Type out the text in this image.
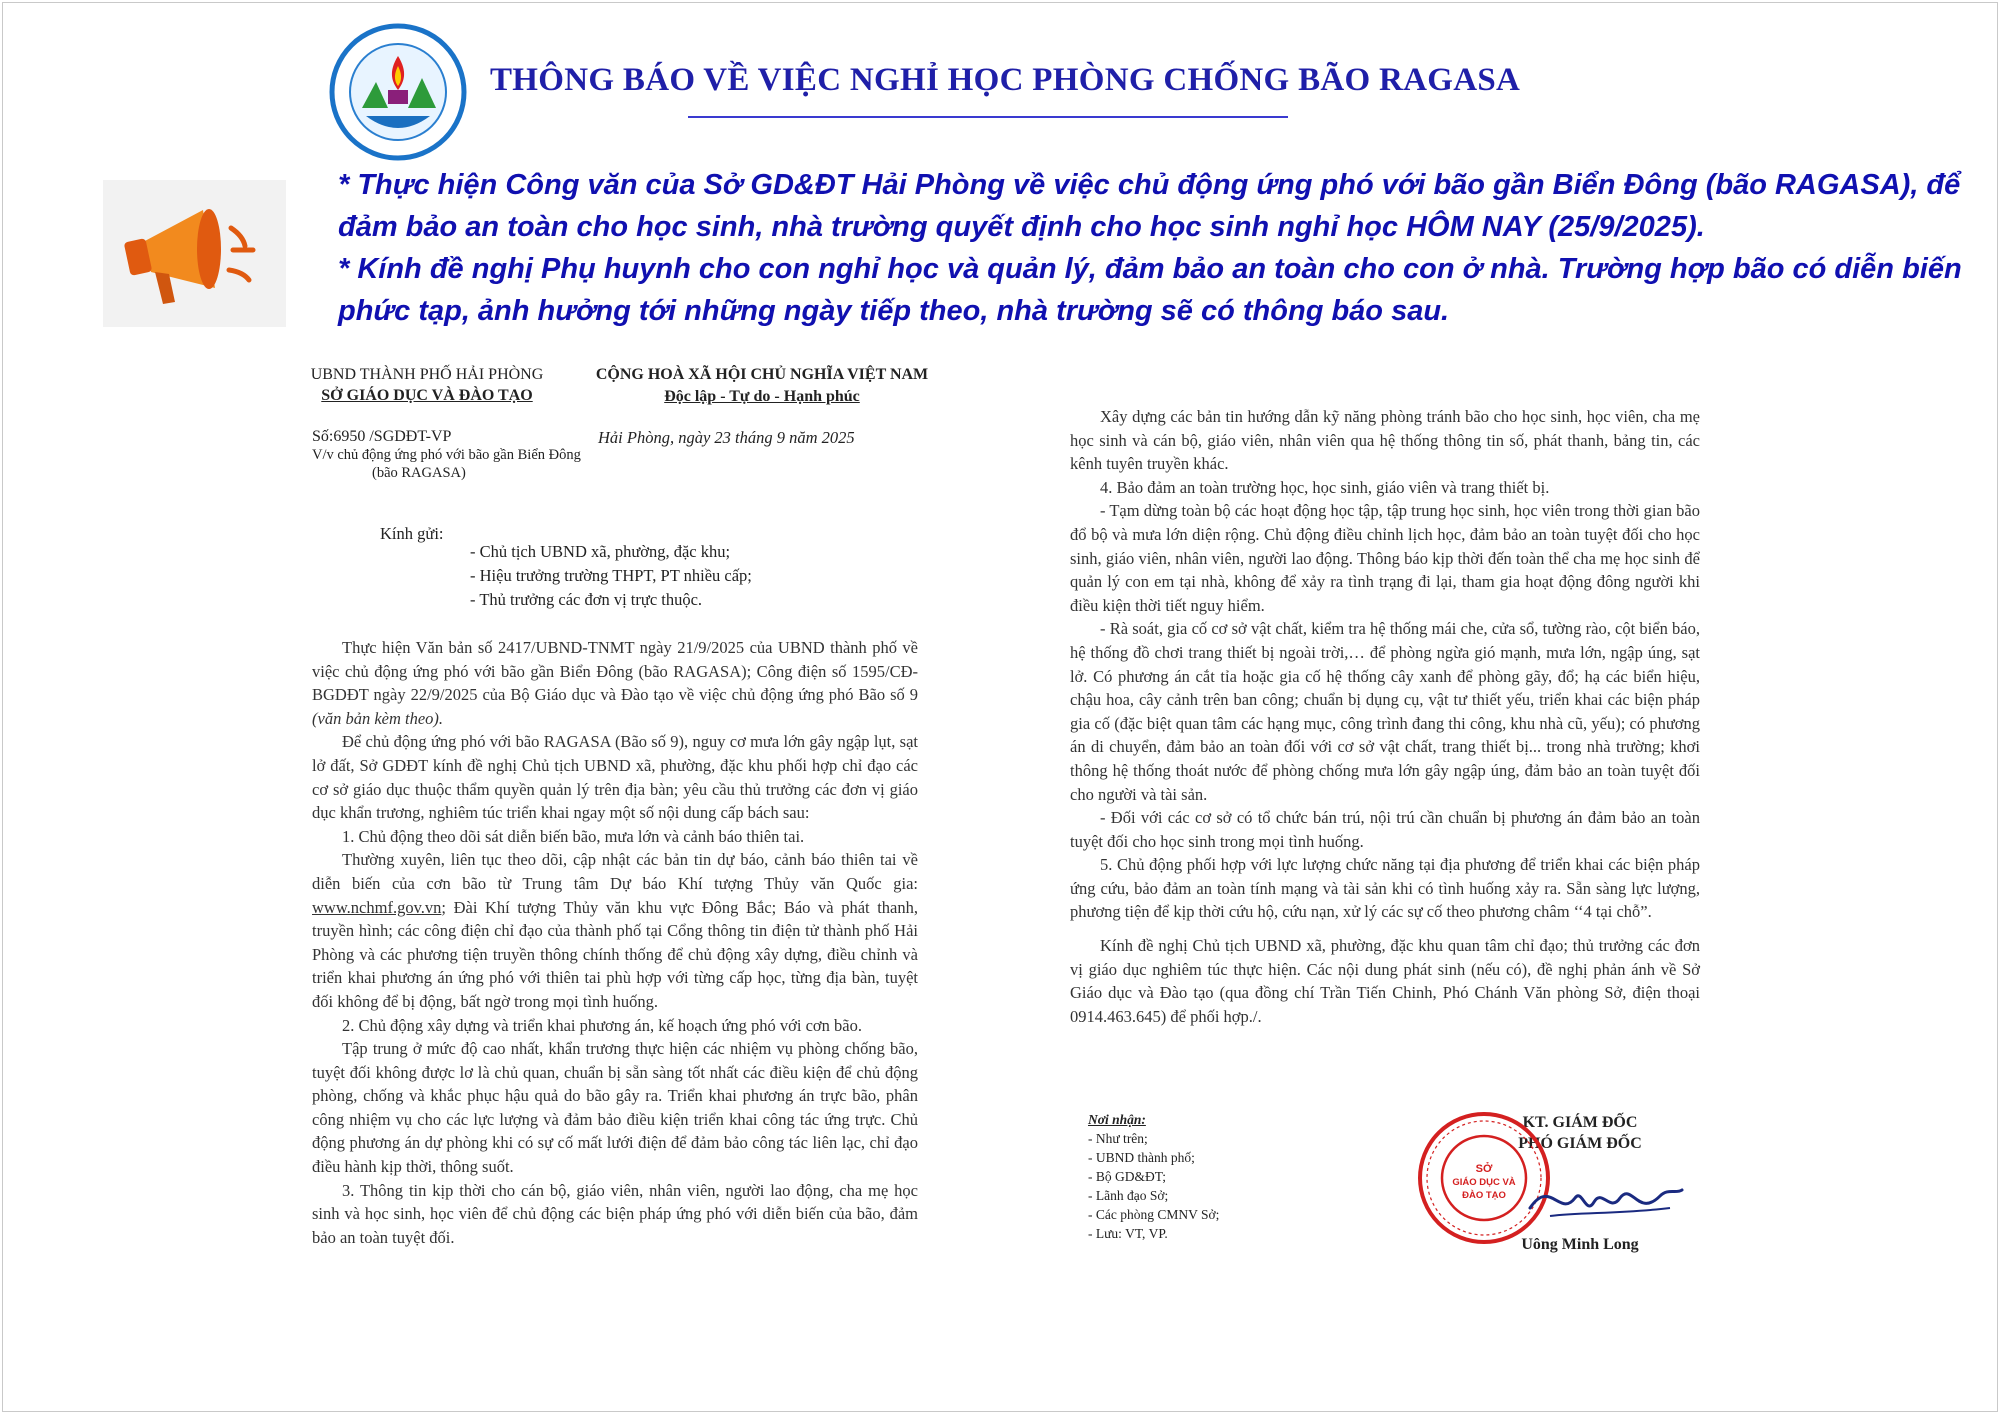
THÔNG BÁO VỀ VIỆC NGHỈ HỌC PHÒNG CHỐNG BÃO RAGASA
* Thực hiện Công văn của Sở GD&ĐT Hải Phòng về việc chủ động ứng phó với bão gần Biển Đông (bão RAGASA), để đảm bảo an toàn cho học sinh, nhà trường quyết định cho học sinh nghỉ học HÔM NAY (25/9/2025).
* Kính đề nghị Phụ huynh cho con nghỉ học và quản lý, đảm bảo an toàn cho con ở nhà. Trường hợp bão có diễn biến phức tạp, ảnh hưởng tới những ngày tiếp theo, nhà trường sẽ có thông báo sau.
UBND THÀNH PHỐ HẢI PHÒNG
SỞ GIÁO DỤC VÀ ĐÀO TẠO
CỘNG HOÀ XÃ HỘI CHỦ NGHĨA VIỆT NAM
Độc lập - Tự do - Hạnh phúc
Số:6950 /SGDĐT-VP
V/v chủ động ứng phó với bão gần Biển Đông
(bão RAGASA)
Hải Phòng, ngày 23 tháng 9 năm 2025
Kính gửi:
- Chủ tịch UBND xã, phường, đặc khu;
- Hiệu trưởng trường THPT, PT nhiều cấp;
- Thủ trưởng các đơn vị trực thuộc.

Thực hiện Văn bản số 2417/UBND-TNMT ngày 21/9/2025 của UBND thành phố về việc chủ động ứng phó với bão gần Biển Đông (bão RAGASA); Công điện số 1595/CĐ-BGDĐT ngày 22/9/2025 của Bộ Giáo dục và Đào tạo về việc chủ động ứng phó Bão số 9 (văn bản kèm theo).

Để chủ động ứng phó với bão RAGASA (Bão số 9), nguy cơ mưa lớn gây ngập lụt, sạt lở đất, Sở GDĐT kính đề nghị Chủ tịch UBND xã, phường, đặc khu phối hợp chỉ đạo các cơ sở giáo dục thuộc thẩm quyền quản lý trên địa bàn; yêu cầu thủ trưởng các đơn vị giáo dục khẩn trương, nghiêm túc triển khai ngay một số nội dung cấp bách sau:

1. Chủ động theo dõi sát diễn biến bão, mưa lớn và cảnh báo thiên tai.

Thường xuyên, liên tục theo dõi, cập nhật các bản tin dự báo, cảnh báo thiên tai về diễn biến của cơn bão từ Trung tâm Dự báo Khí tượng Thủy văn Quốc gia: www.nchmf.gov.vn; Đài Khí tượng Thủy văn khu vực Đông Bắc; Báo và phát thanh, truyền hình; các công điện chỉ đạo của thành phố tại Cổng thông tin điện tử thành phố Hải Phòng và các phương tiện truyền thông chính thống để chủ động xây dựng, điều chỉnh và triển khai phương án ứng phó với thiên tai phù hợp với từng cấp học, từng địa bàn, tuyệt đối không để bị động, bất ngờ trong mọi tình huống.

2. Chủ động xây dựng và triển khai phương án, kế hoạch ứng phó với cơn bão.

Tập trung ở mức độ cao nhất, khẩn trương thực hiện các nhiệm vụ phòng chống bão, tuyệt đối không được lơ là chủ quan, chuẩn bị sẵn sàng tốt nhất các điều kiện để chủ động phòng, chống và khắc phục hậu quả do bão gây ra. Triển khai phương án trực bão, phân công nhiệm vụ cho các lực lượng và đảm bảo điều kiện triển khai công tác ứng trực. Chủ động phương án dự phòng khi có sự cố mất lưới điện để đảm bảo công tác liên lạc, chỉ đạo điều hành kịp thời, thông suốt.

3. Thông tin kịp thời cho cán bộ, giáo viên, nhân viên, người lao động, cha mẹ học sinh và học sinh, học viên để chủ động các biện pháp ứng phó với diễn biến của bão, đảm bảo an toàn tuyệt đối.

Xây dựng các bản tin hướng dẫn kỹ năng phòng tránh bão cho học sinh, học viên, cha mẹ học sinh và cán bộ, giáo viên, nhân viên qua hệ thống thông tin số, phát thanh, bảng tin, các kênh tuyên truyền khác.

4. Bảo đảm an toàn trường học, học sinh, giáo viên và trang thiết bị.

- Tạm dừng toàn bộ các hoạt động học tập, tập trung học sinh, học viên trong thời gian bão đổ bộ và mưa lớn diện rộng. Chủ động điều chỉnh lịch học, đảm bảo an toàn tuyệt đối cho học sinh, giáo viên, nhân viên, người lao động. Thông báo kịp thời đến toàn thể cha mẹ học sinh để quản lý con em tại nhà, không để xảy ra tình trạng đi lại, tham gia hoạt động đông người khi điều kiện thời tiết nguy hiểm.

- Rà soát, gia cố cơ sở vật chất, kiểm tra hệ thống mái che, cửa sổ, tường rào, cột biển báo, hệ thống đồ chơi trang thiết bị ngoài trời,… để phòng ngừa gió mạnh, mưa lớn, ngập úng, sạt lở. Có phương án cắt tỉa hoặc gia cố hệ thống cây xanh để phòng gãy, đổ; hạ các biển hiệu, chậu hoa, cây cảnh trên ban công; chuẩn bị dụng cụ, vật tư thiết yếu, triển khai các biện pháp gia cố (đặc biệt quan tâm các hạng mục, công trình đang thi công, khu nhà cũ, yếu); có phương án di chuyển, đảm bảo an toàn đối với cơ sở vật chất, trang thiết bị... trong nhà trường; khơi thông hệ thống thoát nước để phòng chống mưa lớn gây ngập úng, đảm bảo an toàn tuyệt đối cho người và tài sản.

- Đối với các cơ sở có tổ chức bán trú, nội trú cần chuẩn bị phương án đảm bảo an toàn tuyệt đối cho học sinh trong mọi tình huống.

5. Chủ động phối hợp với lực lượng chức năng tại địa phương để triển khai các biện pháp ứng cứu, bảo đảm an toàn tính mạng và tài sản khi có tình huống xảy ra. Sẵn sàng lực lượng, phương tiện để kịp thời cứu hộ, cứu nạn, xử lý các sự cố theo phương châm ‘‘4 tại chỗ”.

Kính đề nghị Chủ tịch UBND xã, phường, đặc khu quan tâm chỉ đạo; thủ trưởng các đơn vị giáo dục nghiêm túc thực hiện. Các nội dung phát sinh (nếu có), đề nghị phản ánh về Sở Giáo dục và Đào tạo (qua đồng chí Trần Tiến Chinh, Phó Chánh Văn phòng Sở, điện thoại 0914.463.645) để phối hợp./.

Nơi nhận:
- Như trên;
- UBND thành phố;
- Bộ GD&ĐT;
- Lãnh đạo Sở;
- Các phòng CMNV Sở;
- Lưu: VT, VP.
KT. GIÁM ĐỐC
PHÓ GIÁM ĐỐC
SỞ
GIÁO DỤC VÀ
ĐÀO TẠO
Uông Minh Long
